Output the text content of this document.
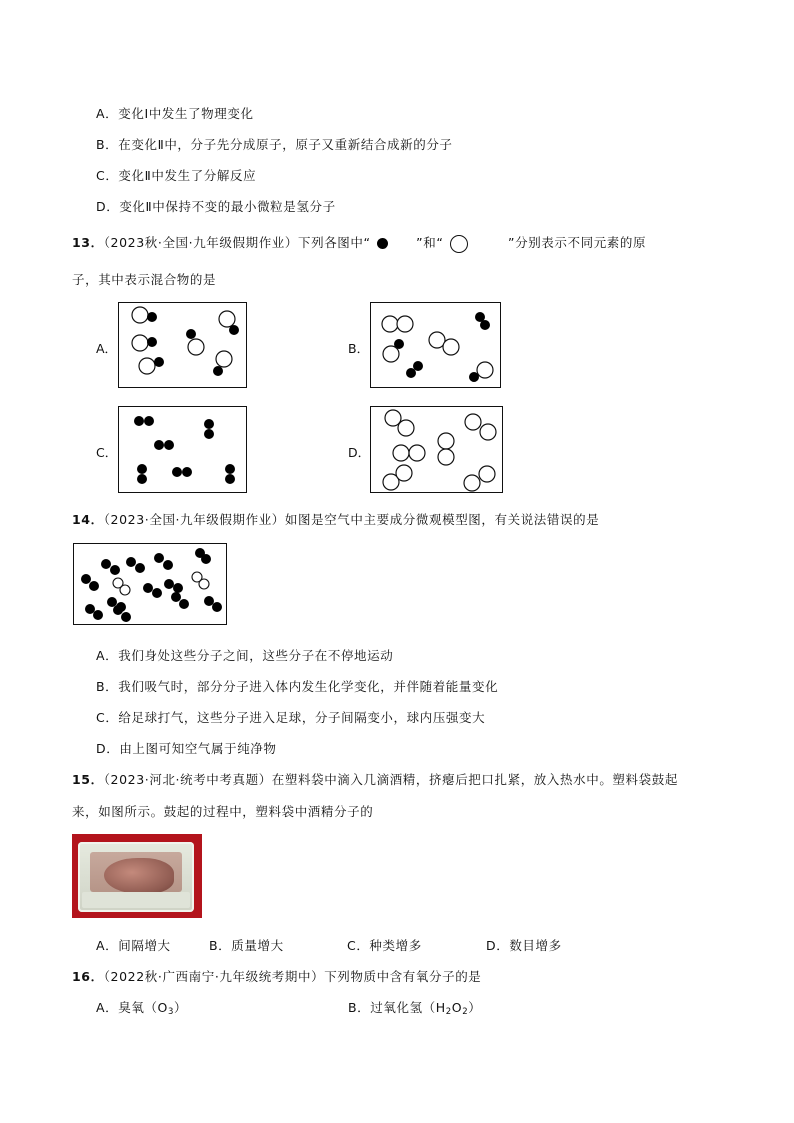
A．变化Ⅰ中发生了物理变化
B．在变化Ⅱ中，分子先分成原子，原子又重新结合成新的分子
C．变化Ⅱ中发生了分解反应
D．变化Ⅱ中保持不变的最小微粒是氢分子
13．（2023秋·全国·九年级假期作业）下列各图中“	”和“	”分别表示不同元素的原
子，其中表示混合物的是
A．	B．
C．	D．
14．（2023·全国·九年级假期作业）如图是空气中主要成分微观模型图，有关说法错误的是
A．我们身处这些分子之间，这些分子在不停地运动
B．我们吸气时，部分分子进入体内发生化学变化，并伴随着能量变化
C．给足球打气，这些分子进入足球，分子间隔变小，球内压强变大
D．由上图可知空气属于纯净物
15．（2023·河北·统考中考真题）在塑料袋中滴入几滴酒精，挤瘪后把口扎紧，放入热水中。塑料袋鼓起
来，如图所示。鼓起的过程中，塑料袋中酒精分子的
A．间隔增大	B．质量增大	C．种类增多	D．数目增多
16．（2022秋·广西南宁·九年级统考期中）下列物质中含有氧分子的是
A．臭氧$(O_3)$	B．过氧化氢$(H_2O_2)$
